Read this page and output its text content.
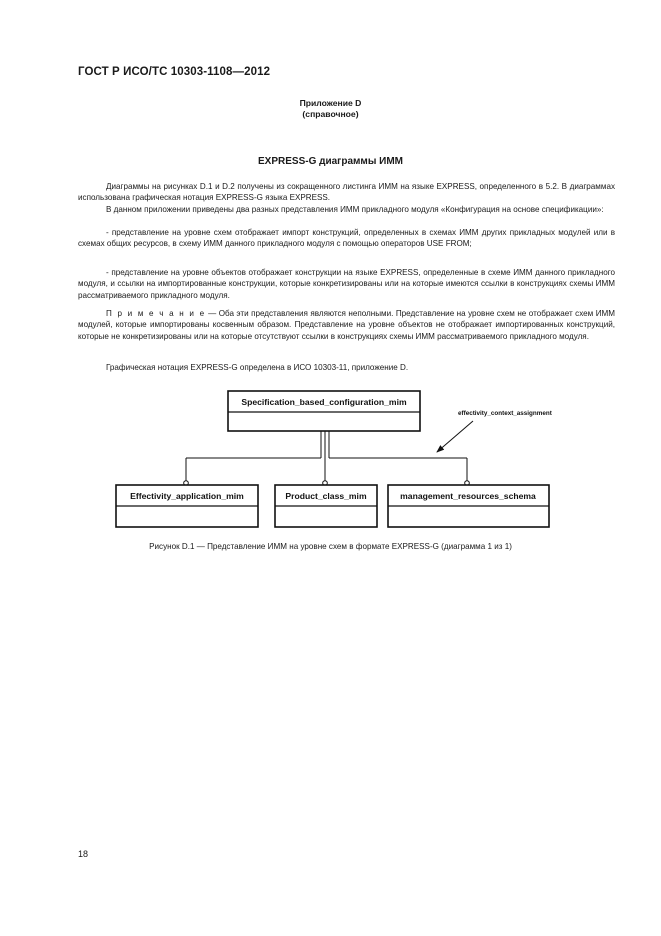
ГОСТ Р ИСО/ТС 10303-1108—2012
Приложение D
(справочное)
EXPRESS-G диаграммы ИММ

Диаграммы на рисунках D.1 и D.2 получены из сокращенного листинга ИММ на языке EXPRESS, определенного в 5.2. В диаграммах использована графическая нотация EXPRESS-G языка EXPRESS.

В данном приложении приведены два разных представления ИММ прикладного модуля «Конфигурация на основе спецификации»:

- представление на уровне схем отображает импорт конструкций, определенных в схемах ИММ других прикладных модулей или в схемах общих ресурсов, в схему ИММ данного прикладного модуля с помощью операторов USE FROM;

- представление на уровне объектов отображает конструкции на языке EXPRESS, определенные в схеме ИММ данного прикладного модуля, и ссылки на импортированные конструкции, которые конкретизированы или на которые имеются ссылки в конструкциях схемы ИММ рассматриваемого прикладного модуля.

П р и м е ч а н и е — Оба эти представления являются неполными. Представление на уровне схем не отображает схем ИММ модулей, которые импортированы косвенным образом. Представление на уровне объектов не отображает импортированных конструкций, которые не конкретизированы или на которые отсутствуют ссылки в конструкциях схемы ИММ рассматриваемого прикладного модуля.

Графическая нотация EXPRESS-G определена в ИСО 10303-11, приложение D.

Specification_based_configuration_mim
Effectivity_application_mim	Product_class_mim	management_resources_schema
effectivity_context_assignment
Рисунок D.1 — Представление ИММ на уровне схем в формате EXPRESS-G (диаграмма 1 из 1)
18
